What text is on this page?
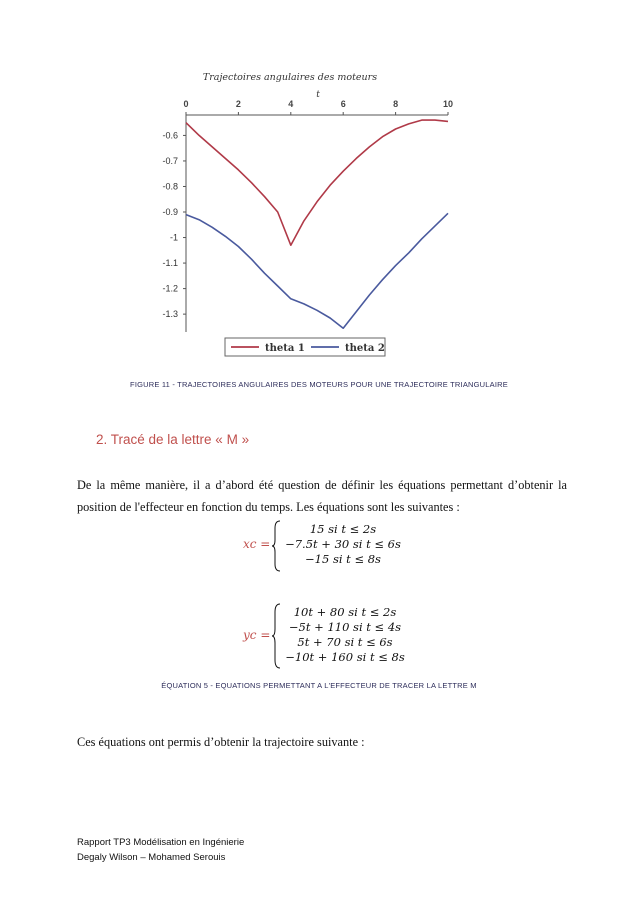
Trajectoires angulaires des moteurs
t
0	2	4	6	8	10
-0.6
-0.7
-0.8
-0.9
-1
-1.1
-1.2
-1.3
theta 1	theta 2
FIGURE 11 - TRAJECTOIRES ANGULAIRES DES MOTEURS POUR UNE TRAJECTOIRE TRIANGULAIRE
2. Tracé de la lettre « M »
De la même manière, il a d’abord été question de définir les équations permettant d’obtenir la position de l'effecteur en fonction du temps. Les équations sont les suivantes :
xc =
15 si t ≤ 2s
−7.5t + 30 si t ≤ 6s
−15 si t ≤ 8s
yc =
10t + 80 si t ≤ 2s
−5t + 110 si t ≤ 4s
5t + 70 si t ≤ 6s
−10t + 160 si t ≤ 8s
ÉQUATION 5 - EQUATIONS PERMETTANT A L'EFFECTEUR DE TRACER LA LETTRE M
Ces équations ont permis d’obtenir la trajectoire suivante :
Rapport TP3 Modélisation en Ingénierie
Degaly Wilson – Mohamed Serouis
